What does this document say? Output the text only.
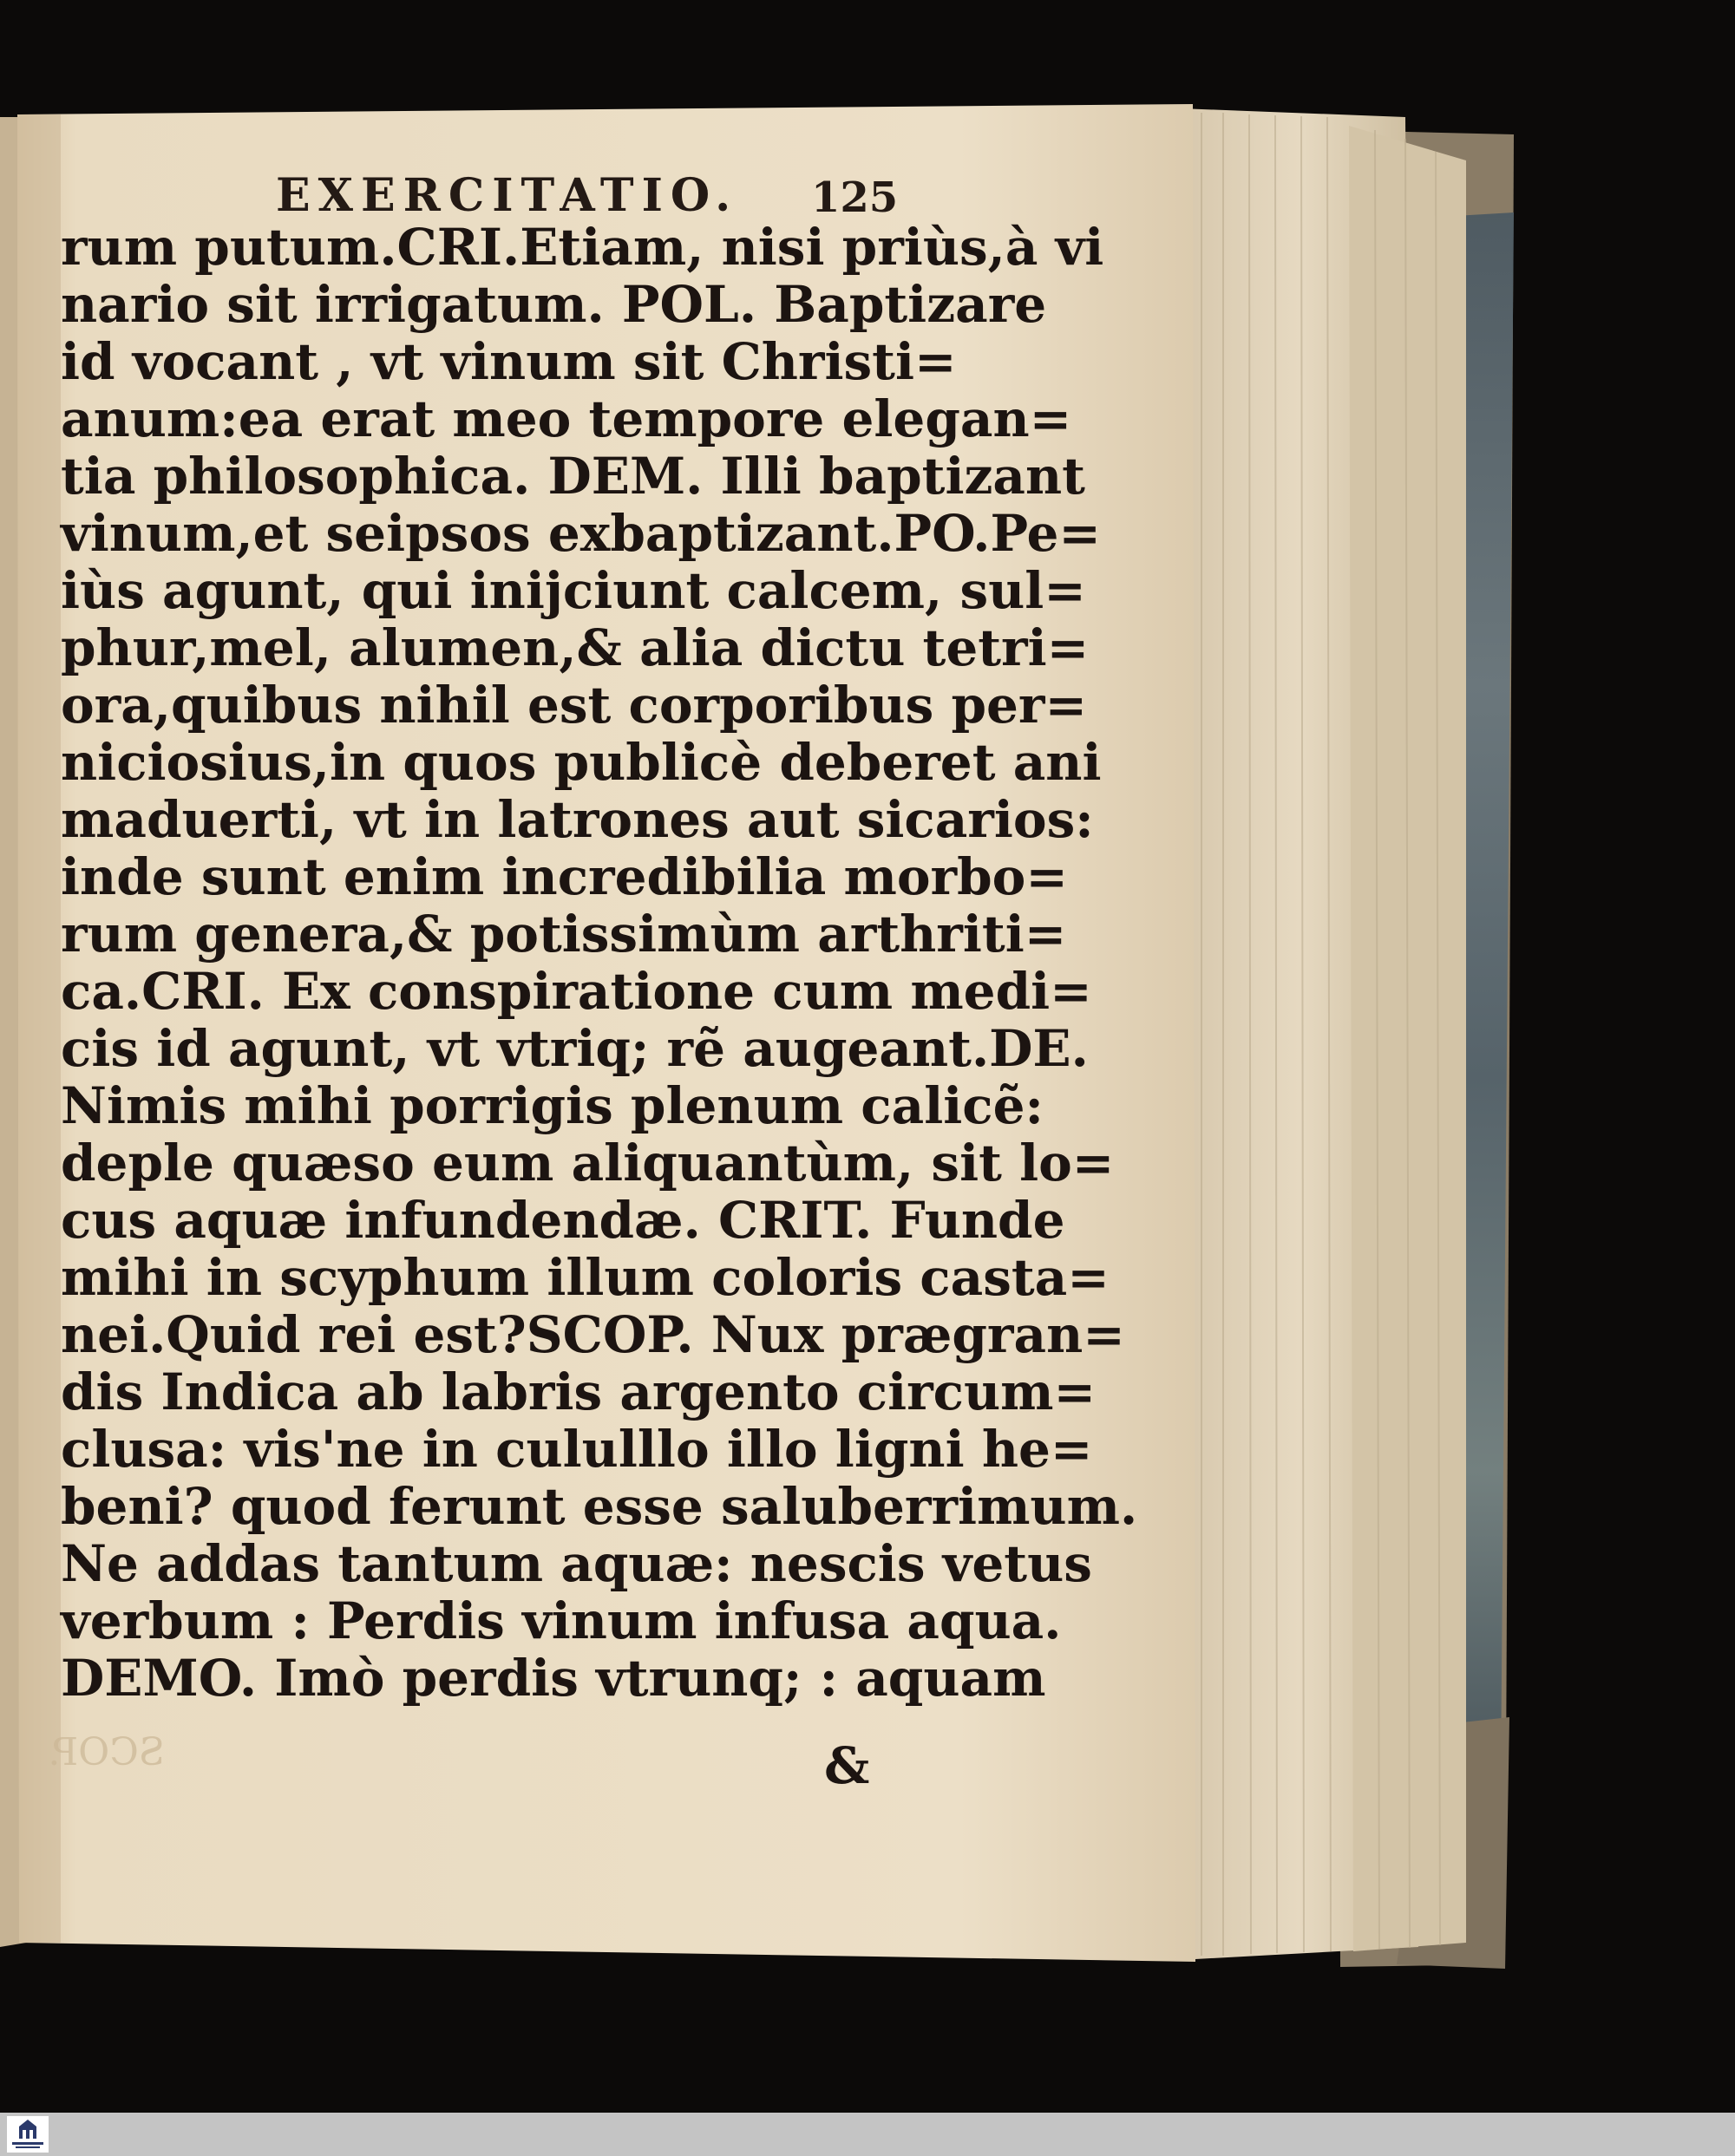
SCOP.
EXERCITATIO. 125
rum putum.CRI.Etiam, nisi priùs,à vi
nario sit irrigatum. POL. Baptizare
id vocant , vt vinum sit Christi=
anum:ea erat meo tempore elegan=
tia philosophica. DEM. Illi baptizant
vinum,et seipsos exbaptizant.PO.Pe=
iùs agunt, qui inijciunt calcem, sul=
phur,mel, alumen,& alia dictu tetri=
ora,quibus nihil est corporibus per=
niciosius,in quos publicè deberet ani
maduerti, vt in latrones aut sicarios:
inde sunt enim incredibilia morbo=
rum genera,& potissimùm arthriti=
ca.CRI. Ex conspiratione cum medi=
cis id agunt, vt vtriq; rẽ augeant.DE.
Nimis mihi porrigis plenum calicẽ:
deple quæso eum aliquantùm, sit lo=
cus aquæ infundendæ. CRIT. Funde
mihi in scyphum illum coloris casta=
nei.Quid rei est?SCOP. Nux prægran=
dis Indica ab labris argento circum=
clusa: vis'ne in cululllo illo ligni he=
beni? quod ferunt esse saluberrimum.
Ne addas tantum aquæ: nescis vetus
verbum : Perdis vinum infusa aqua.
DEMO. Imò perdis vtrunq; : aquam
&
